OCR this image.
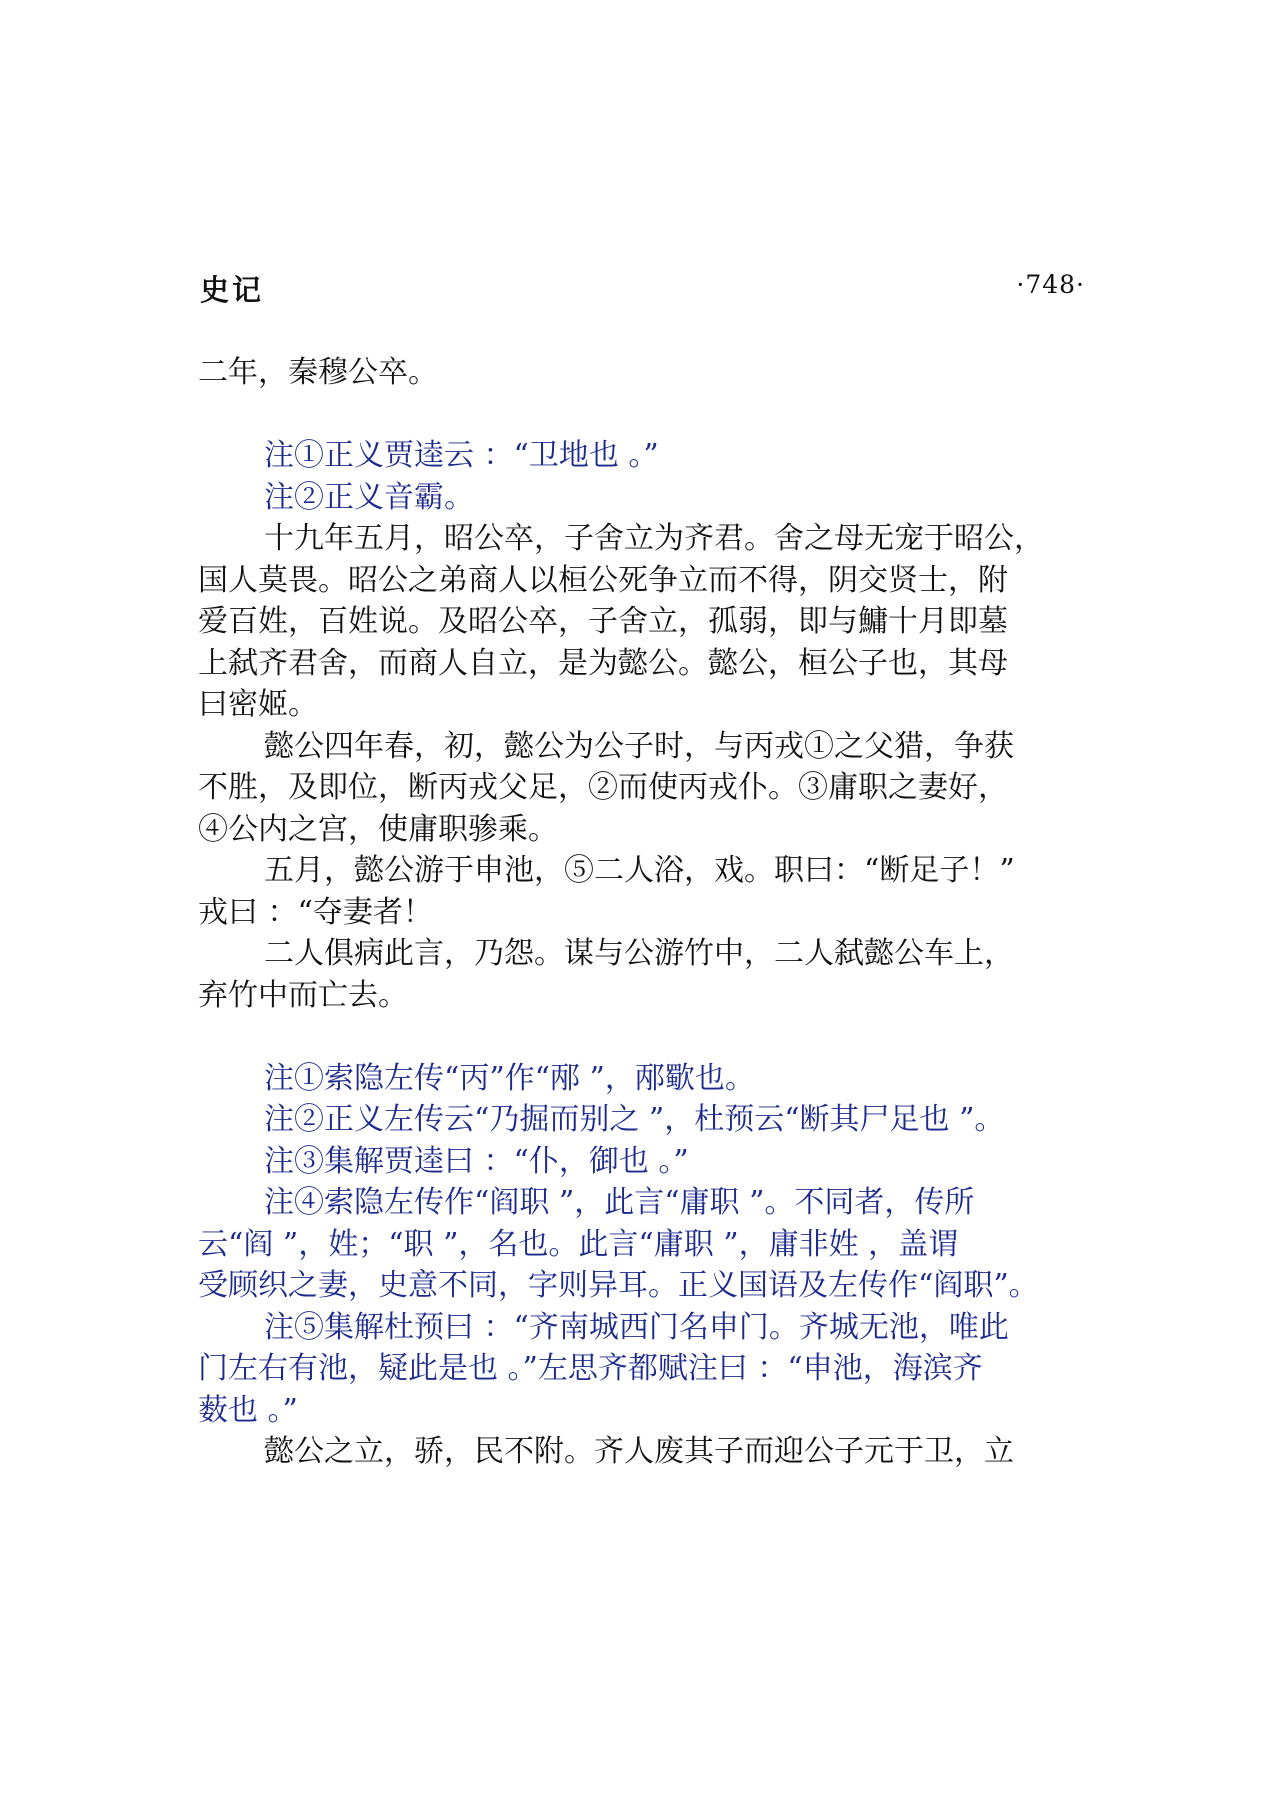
史记	·748·
二年，秦穆公卒。
注①正义贾逵云 ：“卫地也 。”
注②正义音霸。
十九年五月，昭公卒，子舍立为齐君。舍之母无宠于昭公，
国人莫畏。昭公之弟商人以桓公死争立而不得，阴交贤士，附
爱百姓，百姓说。及昭公卒，子舍立，孤弱，即与鱅十月即墓
上弑齐君舍，而商人自立，是为懿公。懿公，桓公子也，其母
曰密姬。
懿公四年春，初，懿公为公子时，与丙戎①之父猎，争获
不胜，及即位，断丙戎父足，②而使丙戎仆。③庸职之妻好，
④公内之宫，使庸职骖乘。
五月，懿公游于申池，⑤二人浴，戏。职曰：“断足子！”
戎曰 ：“夺妻者！
二人俱病此言，乃怨。谋与公游竹中，二人弑懿公车上，
弃竹中而亡去。
注①索隐左传“丙”作“邴 ”，邴歜也。
注②正义左传云“乃掘而别之 ”，杜预云“断其尸足也 ”。
注③集解贾逵曰 ：“仆，御也 。”
注④索隐左传作“阎职 ”，此言“庸职 ”。不同者，传所
云“阎 ”，姓；“职 ”，名也。此言“庸职 ”，庸非姓 ，盖谓
受顾织之妻，史意不同，字则异耳。正义国语及左传作“阎职”。
注⑤集解杜预曰 ：“齐南城西门名申门。齐城无池，唯此
门左右有池，疑此是也 。”左思齐都赋注曰 ：“申池，海滨齐
薮也 。”
懿公之立，骄，民不附。齐人废其子而迎公子元于卫，立
